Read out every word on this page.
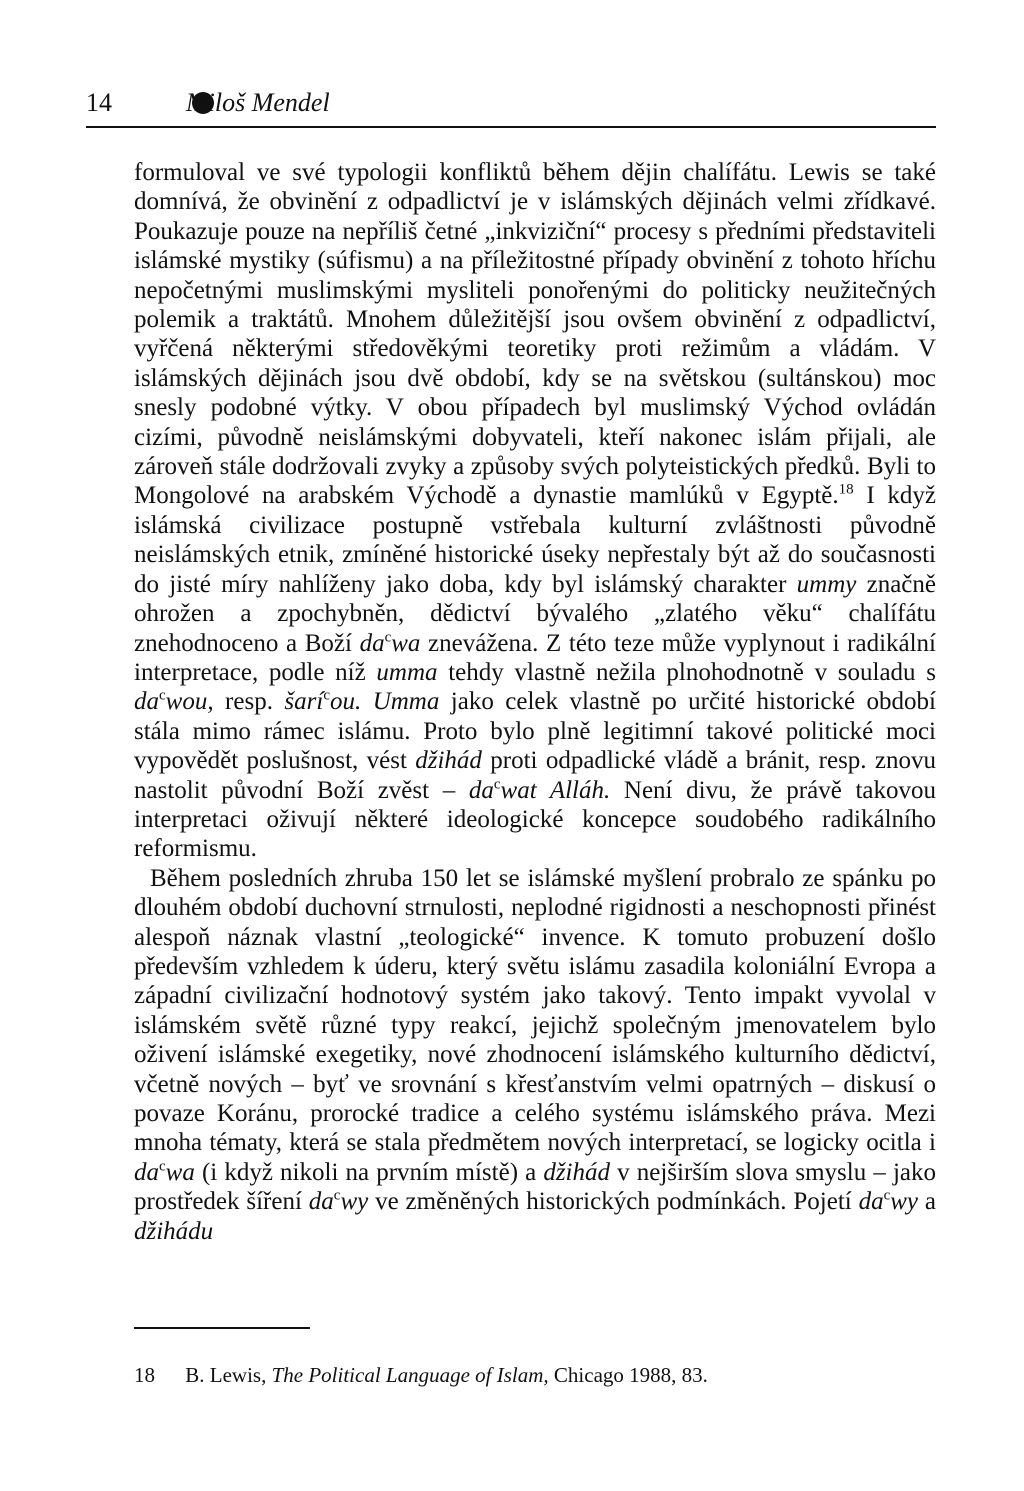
14	Miloš Mendel

formuloval ve své typologii konfliktů během dějin chalífátu. Lewis se také domnívá, že obvinění z odpadlictví je v islámských dějinách velmi zřídkavé. Poukazuje pouze na nepříliš četné „inkviziční“ procesy s předními představiteli islámské mystiky (súfismu) a na příležitostné případy obvinění z tohoto hříchu nepočetnými muslimskými mysliteli ponořenými do politicky neužitečných polemik a traktátů. Mnohem důležitější jsou ovšem obvinění z odpadlictví, vyřčená některými středověkými teoretiky proti režimům a vládám. V islámských dějinách jsou dvě období, kdy se na světskou (sultánskou) moc snesly podobné výtky. V obou případech byl muslimský Východ ovládán cizími, původně neislámskými dobyvateli, kteří nakonec islám přijali, ale zároveň stále dodržovali zvyky a způsoby svých polyteistických předků. Byli to Mongolové na arabském Východě a dynastie mamlúků v Egyptě.$^{18}$ I když islámská civilizace postupně vstřebala kulturní zvláštnosti původně neislámských etnik, zmíněné historické úseky nepřestaly být až do současnosti do jisté míry nahlíženy jako doba, kdy byl islámský charakter ummy značně ohrožen a zpochybněn, dědictví bývalého „zlatého věku“ chalífátu znehodnoceno a Boží $da^cwa$ znevážena. Z této teze může vyplynout i radikální interpretace, podle níž umma tehdy vlastně nežila plnohodnotně v souladu s $da^cwou$, resp. šarí$^c$ou. Umma jako celek vlastně po určité historické období stála mimo rámec islámu. Proto bylo plně legitimní takové politické moci vypovědět poslušnost, vést džihád proti odpadlické vládě a bránit, resp. znovu nastolit původní Boží zvěst – $da^cwat$ Alláh. Není divu, že právě takovou interpretaci oživují některé ideologické koncepce soudobého radikálního reformismu.

Během posledních zhruba 150 let se islámské myšlení probralo ze spánku po dlouhém období duchovní strnulosti, neplodné rigidnosti a neschopnosti přinést alespoň náznak vlastní „teologické“ invence. K tomuto probuzení došlo především vzhledem k úderu, který světu islámu zasadila koloniální Evropa a západní civilizační hodnotový systém jako takový. Tento impakt vyvolal v islámském světě různé typy reakcí, jejichž společným jmenovatelem bylo oživení islámské exegetiky, nové zhodnocení islámského kulturního dědictví, včetně nových – byť ve srovnání s křesťanstvím velmi opatrných – diskusí o povaze Koránu, prorocké tradice a celého systému islámského práva. Mezi mnoha tématy, která se stala předmětem nových interpretací, se logicky ocitla i $da^cwa$ (i když nikoli na prvním místě) a džihád v nejširším slova smyslu – jako prostředek šíření $da^cwy$ ve změněných historických podmínkách. Pojetí $da^cwy$ a džihádu

18 B. Lewis, The Political Language of Islam, Chicago 1988, 83.
